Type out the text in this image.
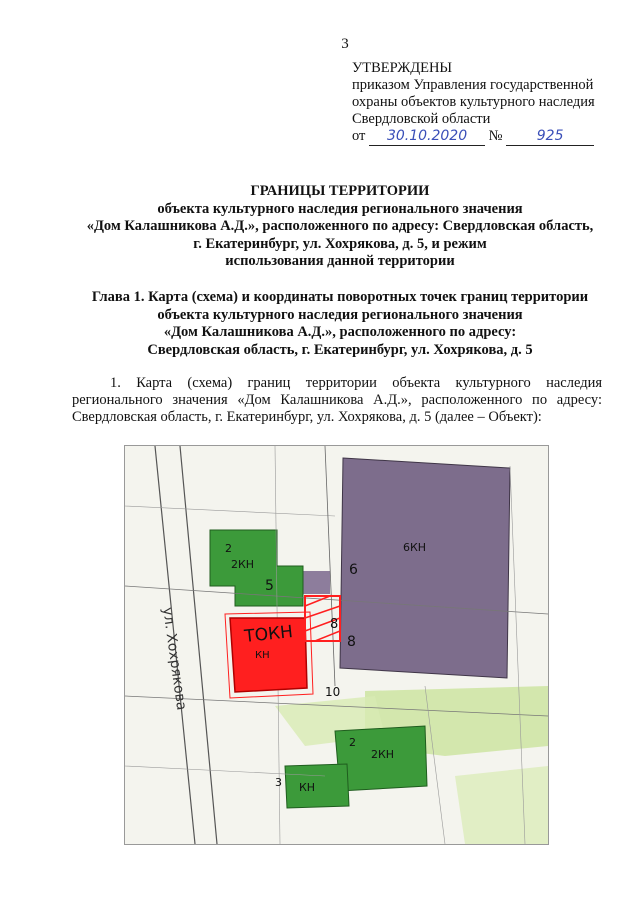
3
УТВЕРЖДЕНЫ
приказом Управления государственной
охраны объектов культурного наследия
Свердловской области
от 30.10.2020 № 925
ГРАНИЦЫ ТЕРРИТОРИИ
объекта культурного наследия регионального значения
«Дом Калашникова А.Д.», расположенного по адресу: Свердловская область,
г. Екатеринбург, ул. Хохрякова, д. 5, и режим
использования данной территории
Глава 1. Карта (схема) и координаты поворотных точек границ территории
объекта культурного наследия регионального значения
«Дом Калашникова А.Д.», расположенного по адресу:
Свердловская область, г. Екатеринбург, ул. Хохрякова, д. 5
1. Карта (схема) границ территории объекта культурного наследия регионального значения «Дом Калашникова А.Д.», расположенного по адресу: Свердловская область, г. Екатеринбург, ул. Хохрякова, д. 5 (далее – Объект):
ул. Хохрякова
2КН
2
5
6КН
6
ТОКН
КН
8
8
10
2КН
2
3 КН
